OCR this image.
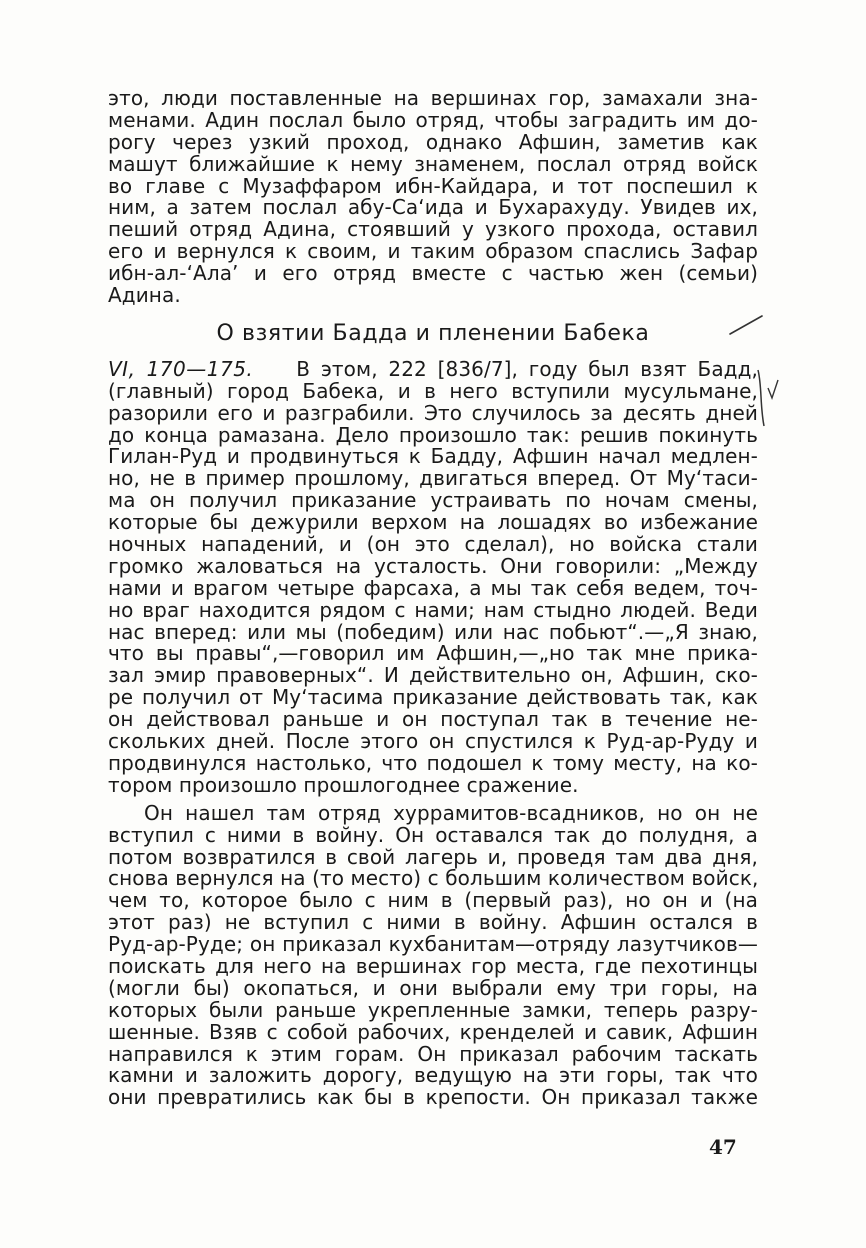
это, люди поставленные на вершинах гор, замахали зна-
менами. Адин послал было отряд, чтобы заградить им до-
рогу через узкий проход, однако Афшин, заметив как
машут ближайшие к нему знаменем, послал отряд войск
во главе с Музаффаром ибн-Кайдара, и тот поспешил к
ним, а затем послал абу-Са‘ида и Бухарахуду. Увидев их,
пеший отряд Адина, стоявший у узкого прохода, оставил
его и вернулся к своим, и таким образом спаслись Зафар
ибн-ал-‘Ала’ и его отряд вместе с частью жен (семьи)
Адина.
О взятии Бадда и пленении Бабека
VI, 170—175. В этом, 222 [836/7], году был взят Бадд,
(главный) город Бабека, и в него вступили мусульмане,
разорили его и разграбили. Это случилось за десять дней
до конца рамазана. Дело произошло так: решив покинуть
Гилан-Руд и продвинуться к Бадду, Афшин начал медлен-
но, не в пример прошлому, двигаться вперед. От Му‘таси-
ма он получил приказание устраивать по ночам смены,
которые бы дежурили верхом на лошадях во избежание
ночных нападений, и (он это сделал), но войска стали
громко жаловаться на усталость. Они говорили: „Между
нами и врагом четыре фарсаха, а мы так себя ведем, точ-
но враг находится рядом с нами; нам стыдно людей. Веди
нас вперед: или мы (победим) или нас побьют“.—„Я знаю,
что вы правы“,—говорил им Афшин,—„но так мне прика-
зал эмир правоверных“. И действительно он, Афшин, ско-
ре получил от Му‘тасима приказание действовать так, как
он действовал раньше и он поступал так в течение не-
скольких дней. После этого он спустился к Руд-ар-Руду и
продвинулся настолько, что подошел к тому месту, на ко-
тором произошло прошлогоднее сражение.
Он нашел там отряд хуррамитов-всадников, но он не
вступил с ними в войну. Он оставался так до полудня, а
потом возвратился в свой лагерь и, проведя там два дня,
снова вернулся на (то место) с большим количеством войск,
чем то, которое было с ним в (первый раз), но он и (на
этот раз) не вступил с ними в войну. Афшин остался в
Руд-ар-Руде; он приказал кухбанитам—отряду лазутчиков—
поискать для него на вершинах гор места, где пехотинцы
(могли бы) окопаться, и они выбрали ему три горы, на
которых были раньше укрепленные замки, теперь разру-
шенные. Взяв с собой рабочих, кренделей и савик, Афшин
направился к этим горам. Он приказал рабочим таскать
камни и заложить дорогу, ведущую на эти горы, так что
они превратились как бы в крепости. Он приказал также
47
